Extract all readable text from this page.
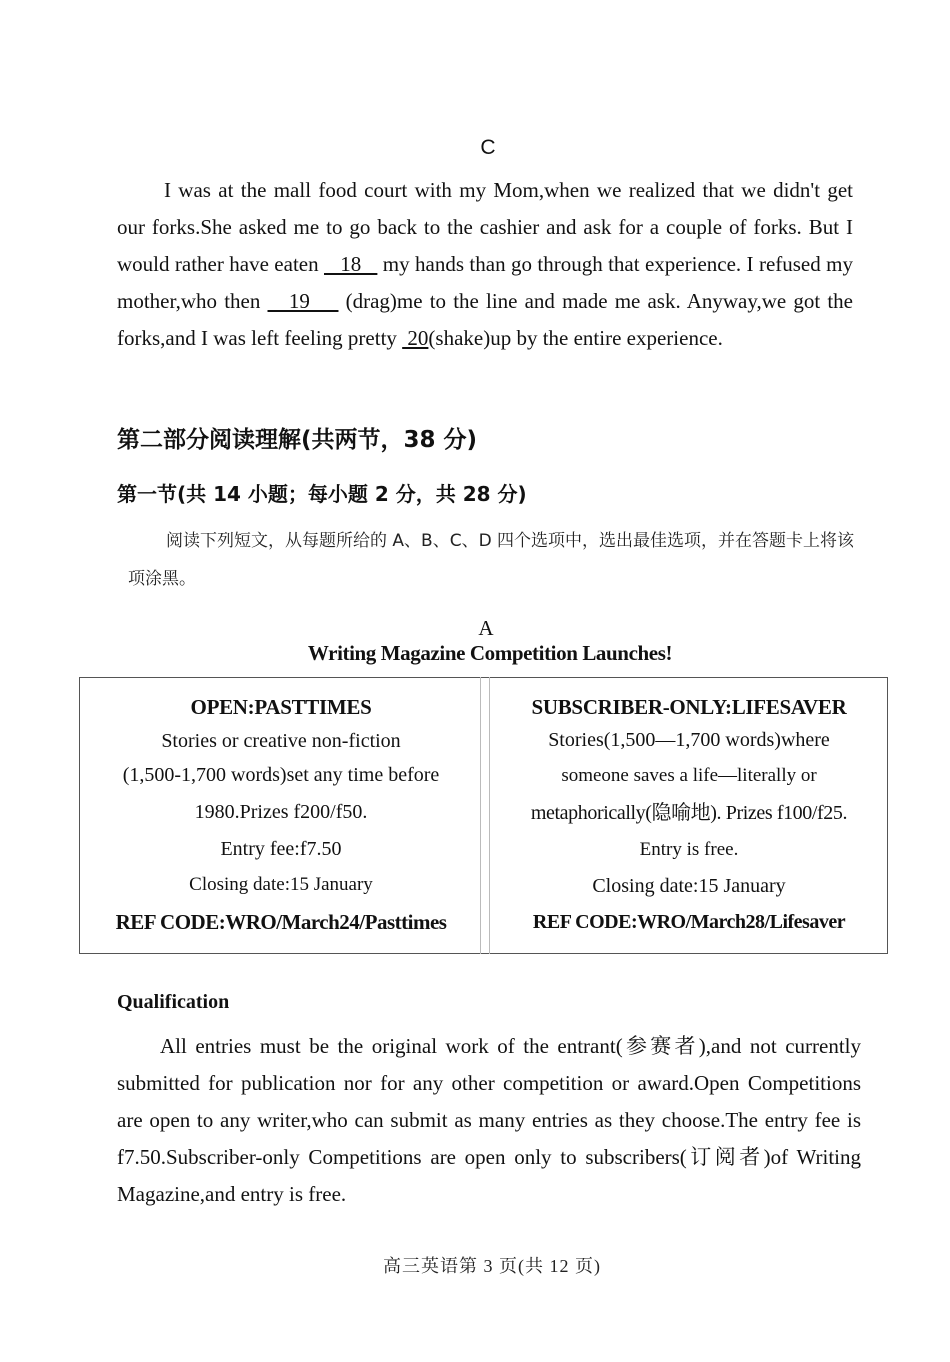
C
I was at the mall food court with my Mom,when we realized that we didn't get our forks.She asked me to go back to the cashier and ask for a couple of forks. But I would rather have eaten    18    my hands than go through that experience. I refused my mother,who then    19     (drag)me to the line and made me ask. Anyway,we got the forks,and I was left feeling pretty  20(shake)up by the entire experience.
第二部分阅读理解(共两节，38 分)
第一节(共 14 小题；每小题 2 分，共 28 分)
阅读下列短文，从每题所给的 A、B、C、D 四个选项中，选出最佳选项，并在答题卡上将该项涂黑。
A
Writing Magazine Competition Launches!
OPEN:PASTTIMES
Stories or creative non-fiction
(1,500-1,700 words)set any time before
1980.Prizes f200/f50.
Entry fee:f7.50
Closing date:15 January
REF CODE:WRO/March24/Pasttimes
SUBSCRIBER-ONLY:LIFESAVER
Stories(1,500—1,700 words)where
someone saves a life—literally or
metaphorically(隐喻地). Prizes f100/f25.
Entry is free.
Closing date:15 January
REF CODE:WRO/March28/Lifesaver
Qualification
All entries must be the original work of the entrant(参赛者),and not currently submitted for publication nor for any other competition or award.Open Competitions are open to any writer,who can submit as many entries as they choose.The entry fee is f7.50.Subscriber-only Competitions are open only to subscribers(订阅者)of Writing Magazine,and entry is free.
高三英语第 3 页(共 12 页)
